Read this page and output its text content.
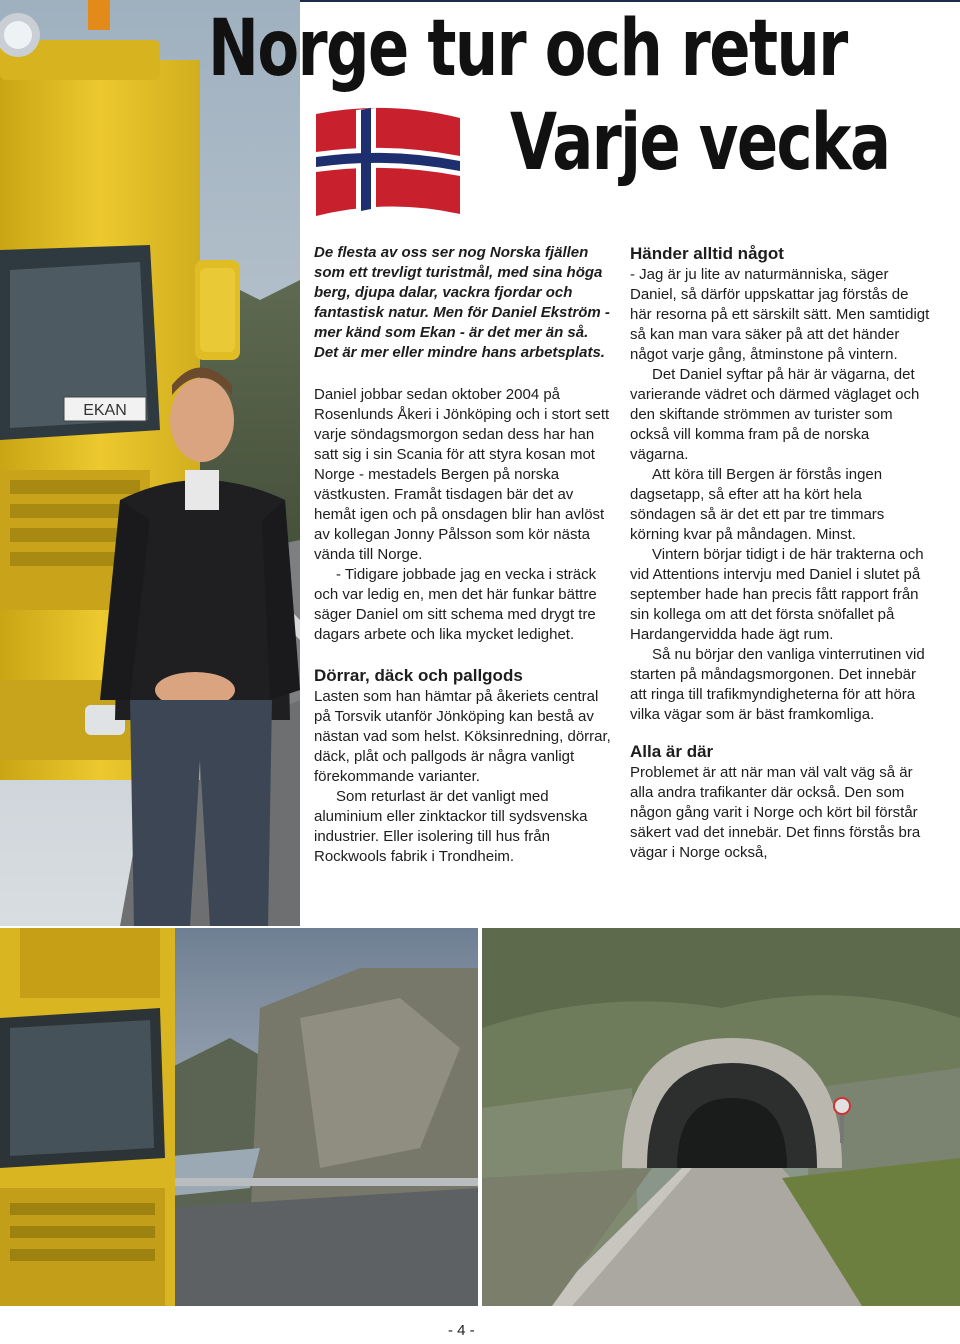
EKAN
Norge tur och retur
Varje vecka

De flesta av oss ser nog Norska fjällen som ett trevligt turistmål, med sina höga berg, djupa dalar, vackra fjordar och fantastisk natur. Men för Daniel Ekström - mer känd som Ekan - är det mer än så. Det är mer eller mindre hans arbetsplats.

Daniel jobbar sedan oktober 2004 på Rosenlunds Åkeri i Jönköping och i stort sett varje söndagsmorgon sedan dess har han satt sig i sin Scania för att styra kosan mot Norge - mestadels Bergen på norska västkusten. Framåt tisdagen bär det av hemåt igen och på onsdagen blir han avlöst av kollegan Jonny Pålsson som kör nästa vända till Norge.

- Tidigare jobbade jag en vecka i sträck och var ledig en, men det här funkar bättre säger Daniel om sitt schema med drygt tre dagars arbete och lika mycket ledighet.

Dörrar, däck och pallgods

Lasten som han hämtar på åkeriets central på Torsvik utanför Jönköping kan bestå av nästan vad som helst. Köksinredning, dörrar, däck, plåt och pallgods är några vanligt förekommande varianter.

Som returlast är det vanligt med aluminium eller zinktackor till sydsvenska industrier. Eller isolering till hus från Rockwools fabrik i Trondheim.

Händer alltid något

- Jag är ju lite av naturmänniska, säger Daniel, så därför uppskattar jag förstås de här resorna på ett särskilt sätt. Men samtidigt så kan man vara säker på att det händer något varje gång, åtminstone på vintern.

Det Daniel syftar på här är vägarna, det varierande vädret och därmed väglaget och den skiftande strömmen av turister som också vill komma fram på de norska vägarna.

Att köra till Bergen är förstås ingen dagsetapp, så efter att ha kört hela söndagen så är det ett par tre timmars körning kvar på måndagen. Minst.

Vintern börjar tidigt i de här trakterna och vid Attentions intervju med Daniel i slutet på september hade han precis fått rapport från sin kollega om att det första snöfallet på Hardangervidda hade ägt rum.

Så nu börjar den vanliga vinterrutinen vid starten på måndagsmorgonen. Det innebär att ringa till trafikmyndigheterna för att höra vilka vägar som är bäst framkomliga.

Alla är där

Problemet är att när man väl valt väg så är alla andra trafikanter där också. Den som någon gång varit i Norge och kört bil förstår säkert vad det innebär. Det finns förstås bra vägar i Norge också,

- 4 -
